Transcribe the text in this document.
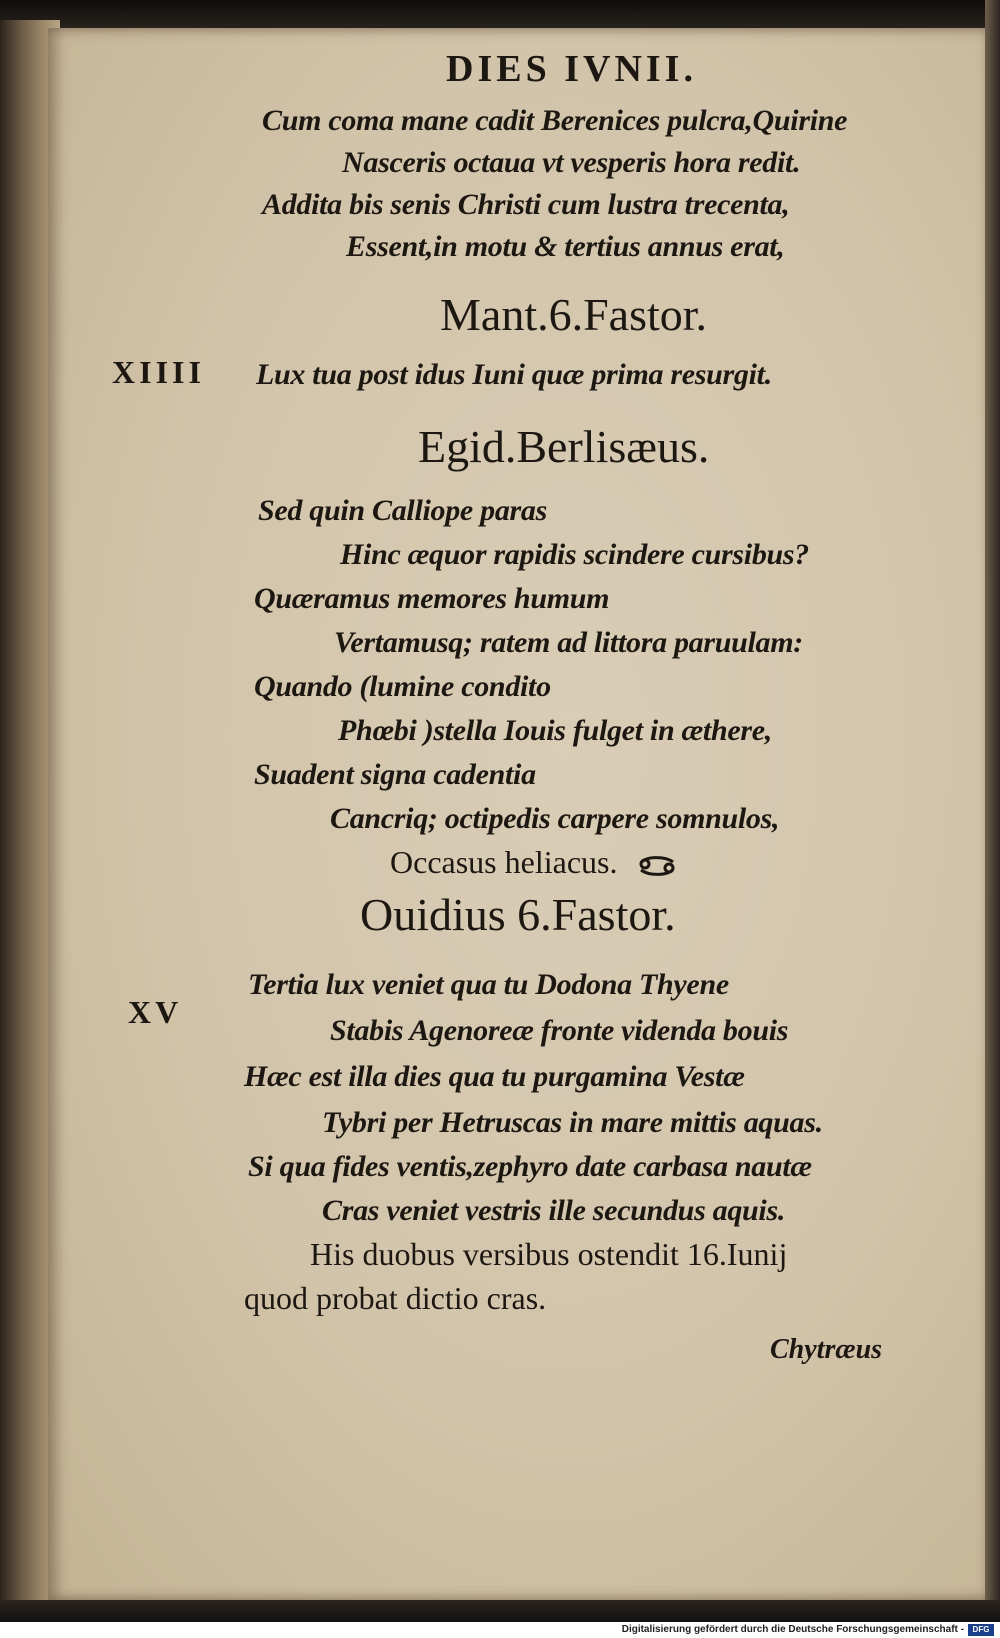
DIES IVNII.
Cum coma mane cadit Berenices pulcra,Quirine
Nasceris octaua vt vesperis hora redit.
Addita bis senis Christi cum lustra trecenta,
Essent,in motu & tertius annus erat,
Mant.6.Fastor.
XIIII Lux tua post idus Iuni quæ prima resurgit.
Egid.Berlisæus.
Sed quin Calliope paras
Hinc æquor rapidis scindere cursibus?
Quæramus memores humum
Vertamusq; ratem ad littora paruulam:
Quando (lumine condito
Phœbi )stella Iouis fulget in æthere,
Suadent signa cadentia
Cancriq; octipedis carpere somnulos,
Occasus heliacus.
Ouidius 6.Fastor.
XV
Tertia lux veniet qua tu Dodona Thyene
Stabis Agenoreæ fronte videnda bouis
Hæc est illa dies qua tu purgamina Vestæ
Tybri per Hetruscas in mare mittis aquas.
Si qua fides ventis,zephyro date carbasa nautæ
Cras veniet vestris ille secundus aquis.
His duobus versibus ostendit 16.Iunij
quod probat dictio cras.
Chytræus
Digitalisierung gefördert durch die Deutsche Forschungsgemeinschaft -	DFG
